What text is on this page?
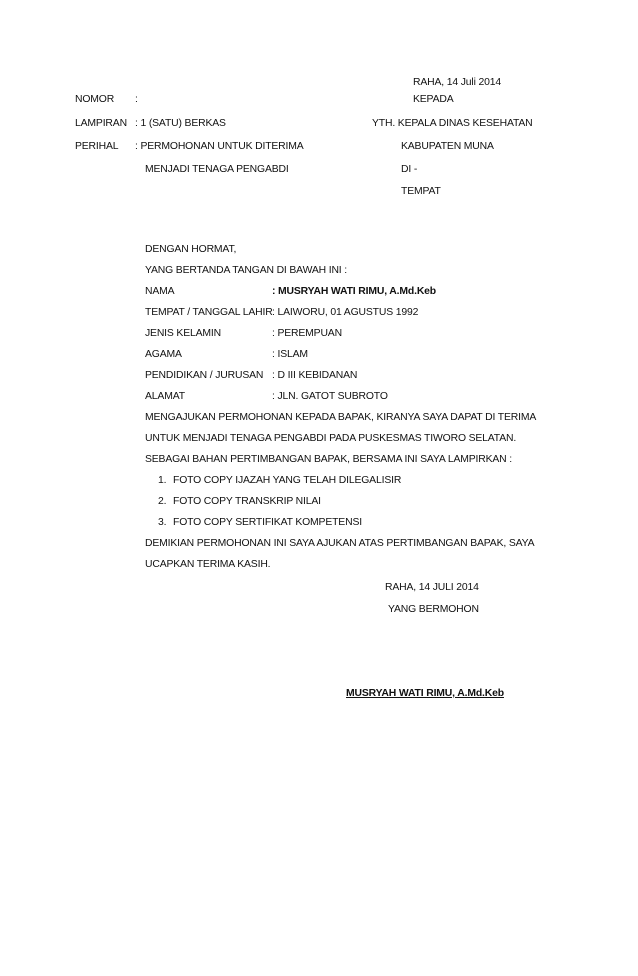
RAHA, 14 Juli 2014
KEPADA
YTH. KEPALA DINAS KESEHATAN
KABUPATEN MUNA
DI -
TEMPAT
NOMOR :
LAMPIRAN : 1 (SATU) BERKAS
PERIHAL : PERMOHONAN UNTUK DITERIMA
MENJADI TENAGA PENGABDI
DENGAN HORMAT,
YANG BERTANDA TANGAN DI BAWAH INI :
NAMA	: MUSRYAH WATI RIMU, A.Md.Keb
TEMPAT / TANGGAL LAHIR : LAIWORU, 01 AGUSTUS 1992
JENIS KELAMIN	: PEREMPUAN
AGAMA	: ISLAM
PENDIDIKAN / JURUSAN : D III KEBIDANAN
ALAMAT	: JLN. GATOT SUBROTO
MENGAJUKAN PERMOHONAN KEPADA BAPAK, KIRANYA SAYA DAPAT DI TERIMA
UNTUK MENJADI TENAGA PENGABDI PADA PUSKESMAS TIWORO SELATAN.
SEBAGAI BAHAN PERTIMBANGAN BAPAK, BERSAMA INI SAYA LAMPIRKAN :
1. FOTO COPY IJAZAH YANG TELAH DILEGALISIR
2. FOTO COPY TRANSKRIP NILAI
3. FOTO COPY SERTIFIKAT KOMPETENSI
DEMIKIAN PERMOHONAN INI SAYA AJUKAN ATAS PERTIMBANGAN BAPAK, SAYA
UCAPKAN TERIMA KASIH.
RAHA, 14 JULI 2014
YANG BERMOHON
MUSRYAH WATI RIMU, A.Md.Keb
